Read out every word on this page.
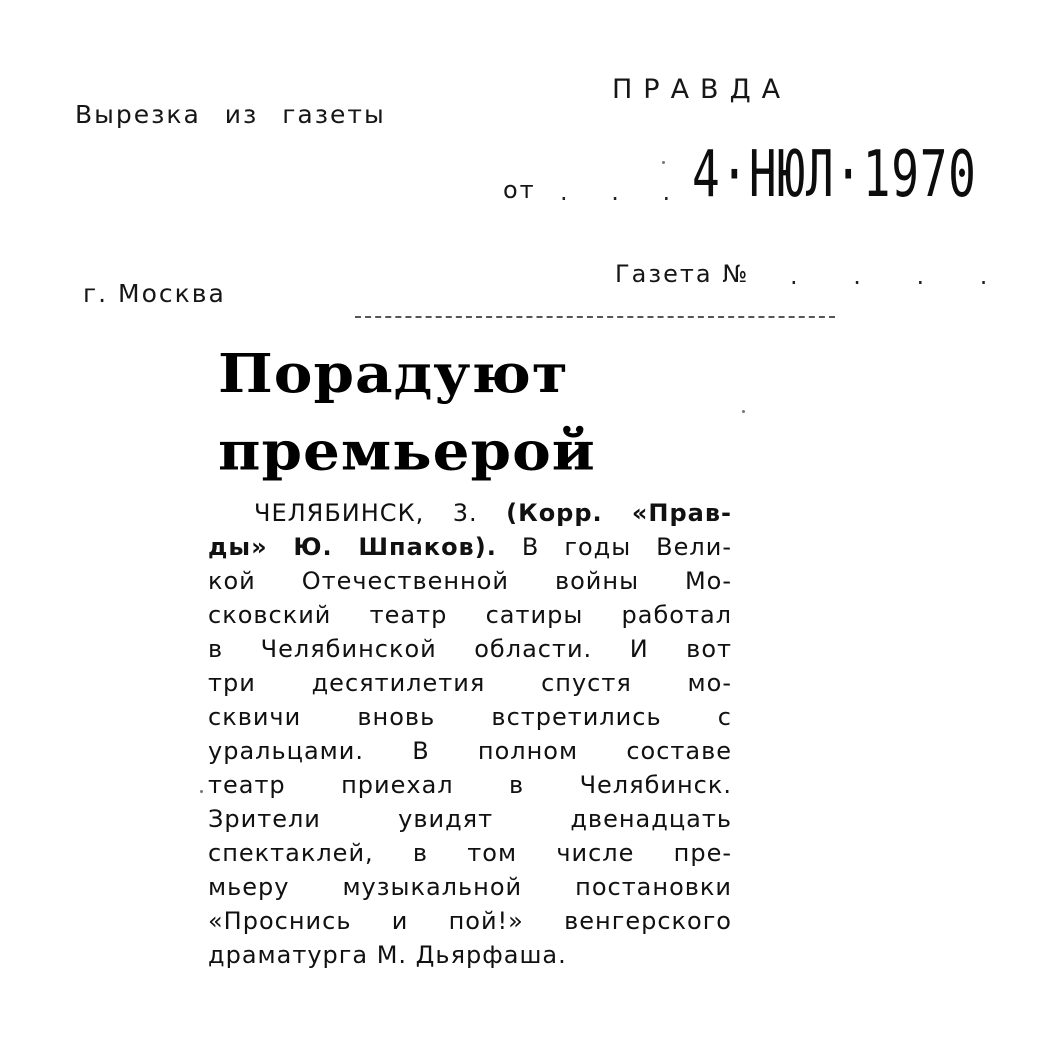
Вырезка из газеты
ПРАВДА
от . . . 4·НЮЛ·1970
Газета № . . . .
г. Москва
Порадуют
премьерой
ЧЕЛЯБИНСК, 3. (Корр. «Прав-
ды» Ю. Шпаков). В годы Вели-
кой Отечественной войны Мо-
сковский театр сатиры работал
в Челябинской области. И вот
три десятилетия спустя мо-
сквичи вновь встретились с
уральцами. В полном составе
театр приехал в Челябинск.
Зрители увидят двенадцать
спектаклей, в том числе пре-
мьеру музыкальной постановки
«Проснись и пой!» венгерского
драматурга М. Дьярфаша.
